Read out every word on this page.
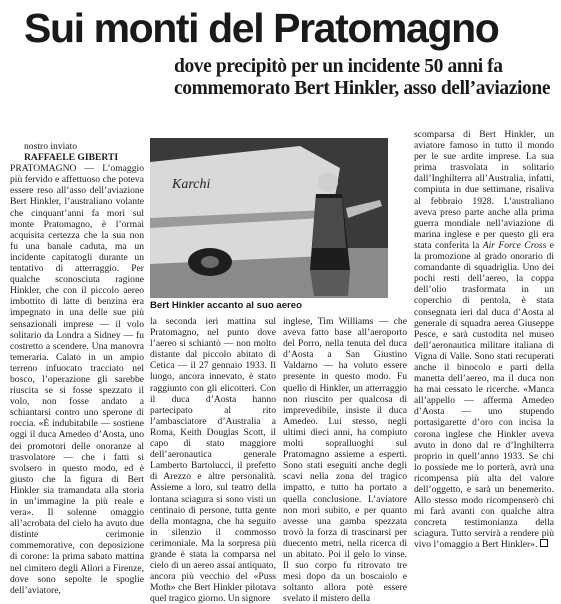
Sui monti del Pratomagno
dove precipitò per un incidente 50 anni fa
commemorato Bert Hinkler, asso dell’aviazione
nostro inviato
RAFFAELE GIBERTI

PRATOMAGNO — L’omaggio più fervido e affettuoso che poteva essere reso all’asso dell’aviazione Bert Hinkler, l’australiano volante che cinquant’anni fa morì sul monte Pratomagno, è l’ormai acquisita certezza che la sua non fu una banale caduta, ma un incidente capitatogli durante un tentativo di atterraggio. Per qualche sconosciuta ragione Hinkler, che con il piccolo aereo imbottito di latte di benzina era impegnato in una delle sue più sensazionali imprese — il volo solitario da Londra a Sidney — fu costretto a scendere. Una manovra temeraria. Calato in un ampio terreno infuocato tracciato nel bosco, l’operazione gli sarebbe riuscita se si fosse spezzato il volo, non fosse andato a schiantarsi contro uno sperone di roccia. «È indubitabile — sostiene oggi il duca Amedeo d’Aosta, uno dei promotori delle onoranze al trasvolatore — che i fatti si svolsero in questo modo, ed è giusto che la figura di Bert Hinkler sia tramandata alla storia in un’immagine la più reale e vera». Il solenne omaggio all’acrobata del cielo ha avuto due distinte cerimonie commemorative, con deposizione di corone: la prima sabato mattina nel cimitero degli Allori a Firenze, dove sono sepolte le spoglie dell’aviatore,

Karchi
Bert Hinkler accanto al suo aereo

la seconda ieri mattina sul Pratomagno, nel punto dove l’aereo si schiantò — non molto distante dal piccolo abitato di Cetica — il 27 gennaio 1933. Il luogo, ancora innevato, è stato raggiunto con gli elicotteri. Con il duca d’Aosta hanno partecipato al rito l’ambasciatore d’Australia a Roma, Keith Douglas Scott, il capo di stato maggiore dell’aeronautica generale Lamberto Bartolucci, il prefetto di Arezzo e altre personalità. Assieme a loro, sul teatro della lontana sciagura si sono visti un centinaio di persone, tutta gente della montagna, che ha seguito in silenzio il commosso cerimoniale. Ma la sorpresa più grande è stata la comparsa nel cielo di un aereo assai antiquato, ancora più vecchio del «Puss Moth» che Bert Hinkler pilotava quel tragico giorno. Un signore

inglese, Tim Williams — che aveva fatto base all’aeroporto del Porro, nella tenuta del duca d’Aosta a San Giustino Valdarno — ha voluto essere presente in questo modo. Fu quello di Hinkler, un atterraggio non riuscito per qualcosa di imprevedibile, insiste il duca Amedeo. Lui stesso, negli ultimi dieci anni, ha compiuto molti sopralluoghi sul Pratomagno assieme a esperti. Sono stati eseguiti anche degli scavi nella zona del tragico impatto, e tutto ha portato a quella conclusione. L’aviatore non morì subito, e per quanto avesse una gamba spezzata trovò la forza di trascinarsi per duecento metri, nella ricerca di un abitato. Poi il gelo lo vinse. Il suo corpo fu ritrovato tre mesi dopo da un boscaiolo e soltanto allora potè essere svelato il mistero della

scomparsa di Bert Hinkler, un aviatore famoso in tutto il mondo per le sue ardite imprese. La sua prima trasvolata in solitario dall’Inghilterra all’Australia, infatti, compiuta in due settimane, risaliva al febbraio 1928. L’australiano aveva preso parte anche alla prima guerra mondiale nell’aviazione di marina inglese e per questo gli era stata conferita la Air Force Cross e la promozione al grado onorario di comandante di squadriglia. Uno dei pochi resti dell’aereo, la coppa dell’olio trasformata in un coperchio di pentola, è stata consegnata ieri dal duca d’Aosta al generale di squadra aerea Giuseppe Pesce, e sarà custodita nel museo dell’aeronautica militare italiana di Vigna di Valle. Sono stati recuperati anche il binocolo e parti della manetta dell’aereo, ma il duca non ha mai cessato le ricerche. «Manca all’appello — afferma Amedeo d’Aosta — uno stupendo portasigarette d’oro con incisa la corona inglese che Hinkler aveva avuto in dono dal re d’Inghilterra proprio in quell’anno 1933. Se chi lo possiede me lo porterà, avrà una ricompensa più alta del valore dell’oggetto, e sarà un benemerito. Allo stesso modo ricompenserò chi mi farà avanti con qualche altra concreta testimonianza della sciagura. Tutto servirà a rendere più vivo l’omaggio a Bert Hinkler».
